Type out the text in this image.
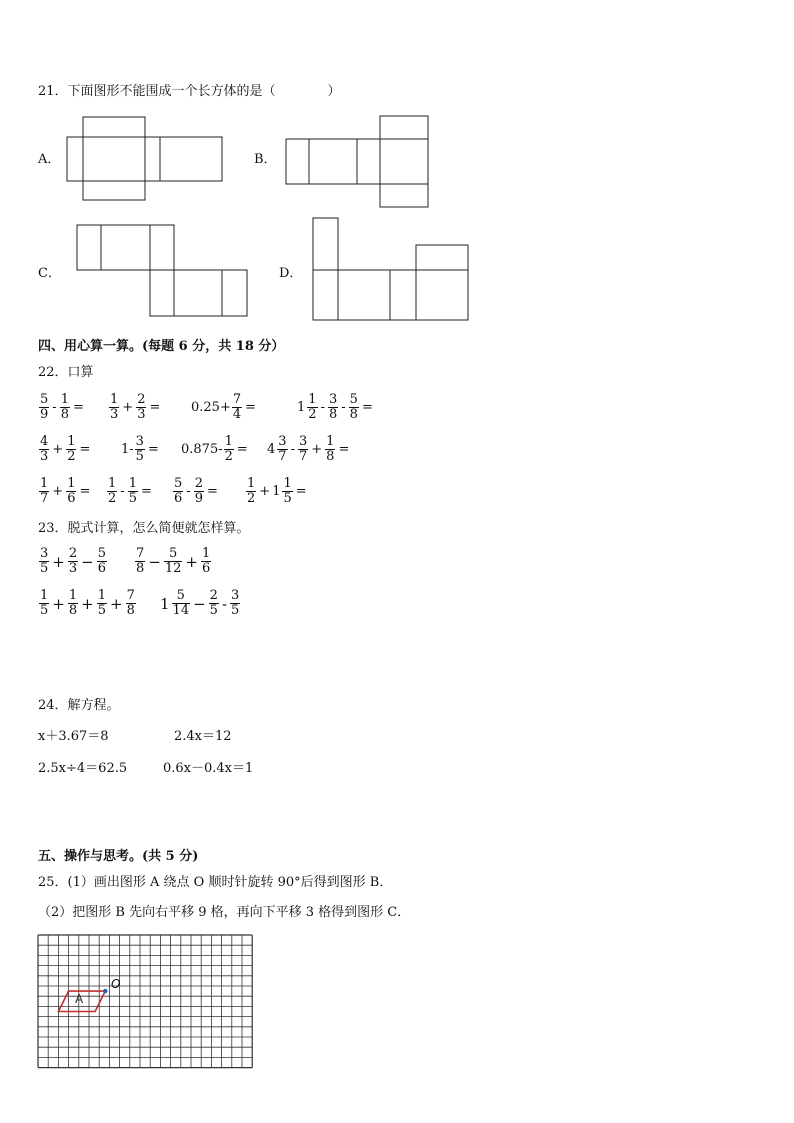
21．下面图形不能围成一个长方体的是（　　　　）
A．	B．
C．	D．
四、用心算一算。(每题 6 分，共 18 分）
22．口算
$\frac{5}{9} - \frac{1}{8} = \frac{1}{3} + \frac{2}{3} = 0.25+ \frac{7}{4}$ =	$1 \frac{1}{2} - \frac{3}{8} - \frac{5}{8}$ =
$\frac{4}{3} + \frac{1}{2} = 1- \frac{3}{5} = 0.875- \frac{1}{2} = 4 \frac{3}{7} - \frac{3}{7} + \frac{1}{8}$ =
$\frac{1}{7} + \frac{1}{6} = \frac{1}{2} - \frac{1}{5} = \frac{5}{6} - \frac{2}{9} = \frac{1}{2} + 1 \frac{1}{5}$ =
23．脱式计算，怎么简便就怎样算。
$\frac{3}{5} + \frac{2}{3} - \frac{5}{6} \frac{7}{8} - \frac{5}{12} + \frac{1}{6}$
$\frac{1}{5} + \frac{1}{8} + \frac{1}{5} + \frac{7}{8} 1 \frac{5}{14} - \frac{2}{5} - \frac{3}{5}$
24．解方程。
x＋3.67＝8	2.4x＝12
2.5x÷4＝62.5	0.6x－0.4x＝1
五、操作与思考。(共 5 分)
25．(1）画出图形 A 绕点 O 顺时针旋转 90°后得到图形 B．
（2）把图形 B 先向右平移 9 格，再向下平移 3 格得到图形 C．
O
A
